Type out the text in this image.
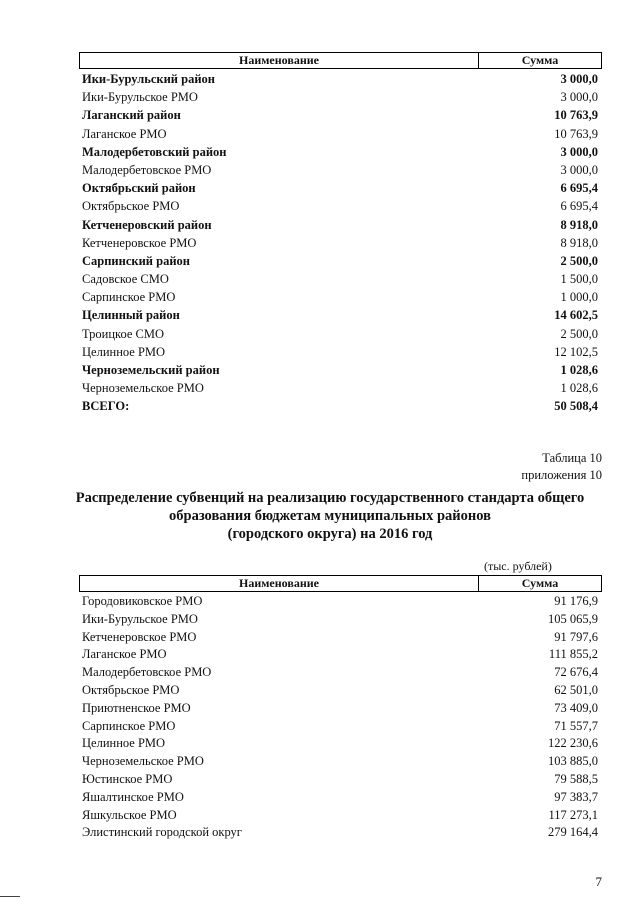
Наименование	Сумма
Ики-Бурульский район	3 000,0
Ики-Бурульское РМО	3 000,0
Лаганский район	10 763,9
Лаганское РМО	10 763,9
Малодербетовский район	3 000,0
Малодербетовское РМО	3 000,0
Октябрьский район	6 695,4
Октябрьское РМО	6 695,4
Кетченеровский район	8 918,0
Кетченеровское РМО	8 918,0
Сарпинский район	2 500,0
Садовское СМО	1 500,0
Сарпинское РМО	1 000,0
Целинный район	14 602,5
Троицкое СМО	2 500,0
Целинное РМО	12 102,5
Черноземельский район	1 028,6
Черноземельское РМО	1 028,6
ВСЕГО:	50 508,4
Таблица 10
приложения 10
Распределение субвенций на реализацию государственного стандарта общего
образования бюджетам муниципальных районов
(городского округа) на 2016 год
(тыс. рублей)
Наименование	Сумма
Городовиковское РМО	91 176,9
Ики-Бурульское РМО	105 065,9
Кетченеровское РМО	91 797,6
Лаганское РМО	111 855,2
Малодербетовское РМО	72 676,4
Октябрьское РМО	62 501,0
Приютненское РМО	73 409,0
Сарпинское РМО	71 557,7
Целинное РМО	122 230,6
Черноземельское РМО	103 885,0
Юстинское РМО	79 588,5
Яшалтинское РМО	97 383,7
Яшкульское РМО	117 273,1
Элистинский городской округ	279 164,4
7
